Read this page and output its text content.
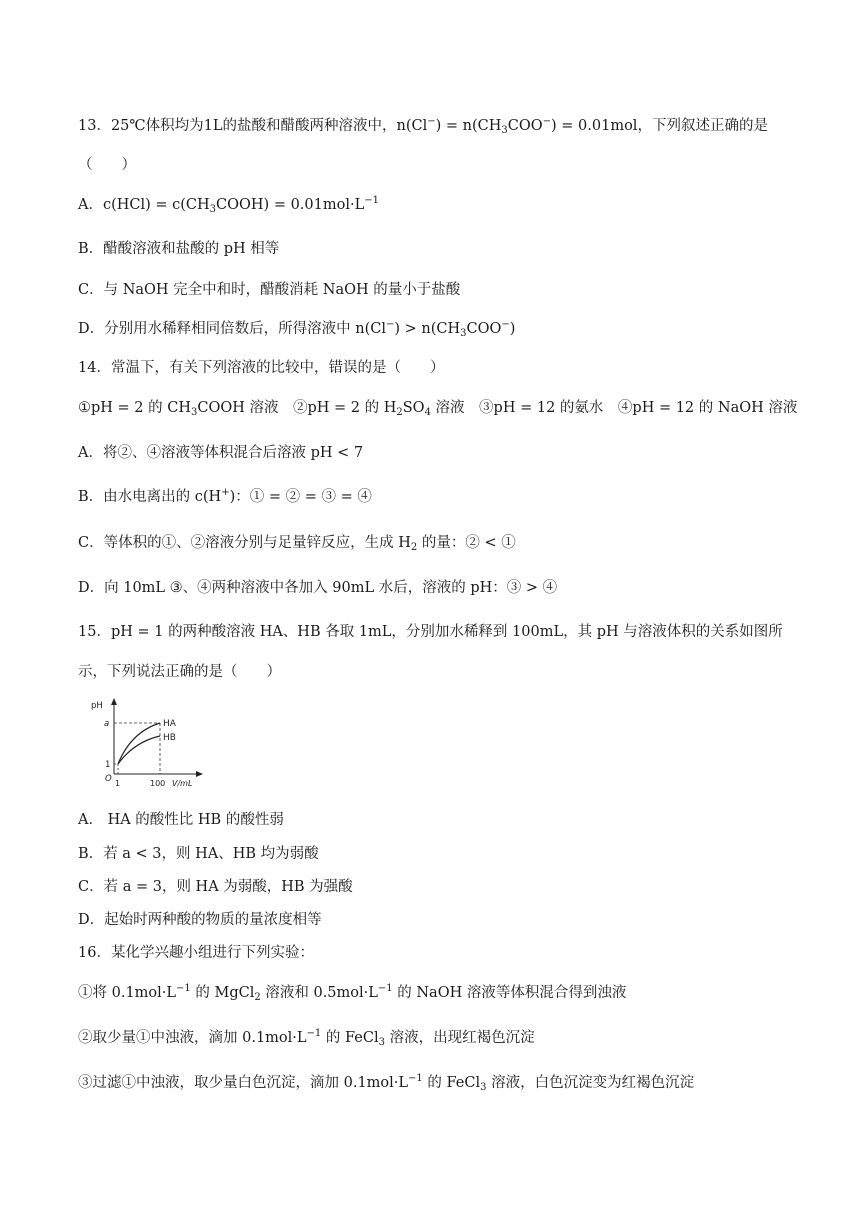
13．25℃体积均为1L的盐酸和醋酸两种溶液中，$n(Cl^-) = n(CH_3COO^-) = 0.01mol$，下列叙述正确的是
（　　）
A．$c(HCl) = c(CH_3COOH) = 0.01mol\cdot L^{-1}$
B．醋酸溶液和盐酸的 pH 相等
C．与 NaOH 完全中和时，醋酸消耗 NaOH 的量小于盐酸
D．分别用水稀释相同倍数后，所得溶液中 $n(Cl^-) > n(CH_3COO^-)$
14．常温下，有关下列溶液的比较中，错误的是（　　）
①pH = 2 的 $CH_3COOH$ 溶液　②pH = 2 的 $H_2SO_4$ 溶液　③pH = 12 的氨水　④pH = 12 的 NaOH 溶液
A．将②、④溶液等体积混合后溶液 pH < 7
B．由水电离出的 c(H+)：① = ② = ③ = ④
C．等体积的①、②溶液分别与足量锌反应，生成 $H_2$ 的量：② < ①
D．向 10mL ③、④两种溶液中各加入 90mL 水后，溶液的 pH：③ > ④
15．pH = 1 的两种酸溶液 HA、HB 各取 1mL，分别加水稀释到 100mL，其 pH 与溶液体积的关系如图所
示，下列说法正确的是（　　）
pH
V/mL
a
1
O 1	100
HA
HB
A． HA 的酸性比 HB 的酸性弱
B．若 a < 3，则 HA、HB 均为弱酸
C．若 a = 3，则 HA 为弱酸，HB 为强酸
D．起始时两种酸的物质的量浓度相等
16．某化学兴趣小组进行下列实验：
①将 $0.1mol\cdot L^{-1}$ 的 MgCl$_2$ 溶液和 $0.5mol\cdot L^{-1}$ 的 NaOH 溶液等体积混合得到浊液
②取少量①中浊液，滴加 $0.1mol\cdot L^{-1}$ 的 FeCl$_3$ 溶液，出现红褐色沉淀
③过滤①中浊液，取少量白色沉淀，滴加 $0.1mol\cdot L^{-1}$ 的 FeCl$_3$ 溶液，白色沉淀变为红褐色沉淀
